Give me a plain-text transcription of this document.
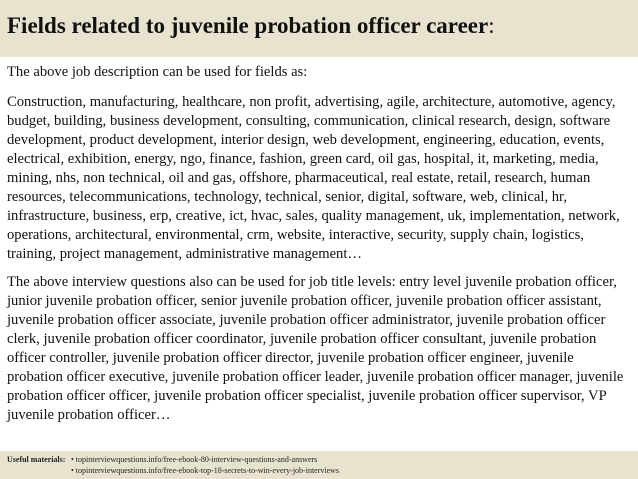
Fields related to juvenile probation officer career:

The above job description can be used for fields as:

Construction, manufacturing, healthcare, non profit, advertising, agile, architecture, automotive, agency, budget, building, business development, consulting, communication, clinical research, design, software development, product development, interior design, web development, engineering, education, events, electrical, exhibition, energy, ngo, finance, fashion, green card, oil gas, hospital, it, marketing, media, mining, nhs, non technical, oil and gas, offshore, pharmaceutical, real estate, retail, research, human resources, telecommunications, technology, technical, senior, digital, software, web, clinical, hr, infrastructure, business, erp, creative, ict, hvac, sales, quality management, uk, implementation, network, operations, architectural, environmental, crm, website, interactive, security, supply chain, logistics, training, project management, administrative management…

The above interview questions also can be used for job title levels: entry level juvenile probation officer, junior juvenile probation officer, senior juvenile probation officer, juvenile probation officer assistant, juvenile probation officer associate, juvenile probation officer administrator, juvenile probation officer clerk, juvenile probation officer coordinator, juvenile probation officer consultant, juvenile probation officer controller, juvenile probation officer director, juvenile probation officer engineer, juvenile probation officer executive, juvenile probation officer leader, juvenile probation officer manager, juvenile probation officer officer, juvenile probation officer specialist, juvenile probation officer supervisor, VP juvenile probation officer…

Useful materials: • topinterviewquestions.info/free-ebook-80-interview-questions-and-answers
• topinterviewquestions.info/free-ebook-top-18-secrets-to-win-every-job-interviews
